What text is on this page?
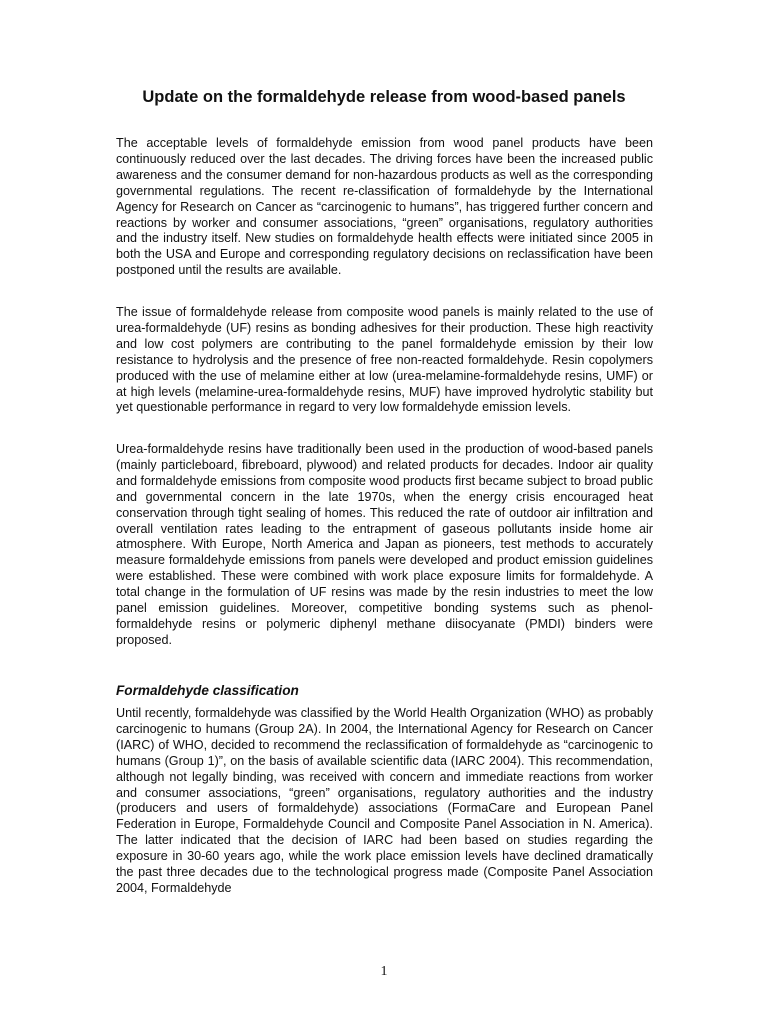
Update on the formaldehyde release from wood-based panels

The acceptable levels of formaldehyde emission from wood panel products have been continuously reduced over the last decades. The driving forces have been the increased public awareness and the consumer demand for non-hazardous products as well as the corresponding governmental regulations. The recent re-classification of formaldehyde by the International Agency for Research on Cancer as “carcinogenic to humans”, has triggered further concern and reactions by worker and consumer associations, “green” organisations, regulatory authorities and the industry itself. New studies on formaldehyde health effects were initiated since 2005 in both the USA and Europe and corresponding regulatory decisions on reclassification have been postponed until the results are available.

The issue of formaldehyde release from composite wood panels is mainly related to the use of urea-formaldehyde (UF) resins as bonding adhesives for their production. These high reactivity and low cost polymers are contributing to the panel formaldehyde emission by their low resistance to hydrolysis and the presence of free non-reacted formaldehyde. Resin copolymers produced with the use of melamine either at low (urea-melamine-formaldehyde resins, UMF) or at high levels (melamine-urea-formaldehyde resins, MUF) have improved hydrolytic stability but yet questionable performance in regard to very low formaldehyde emission levels.

Urea-formaldehyde resins have traditionally been used in the production of wood-based panels (mainly particleboard, fibreboard, plywood) and related products for decades. Indoor air quality and formaldehyde emissions from composite wood products first became subject to broad public and governmental concern in the late 1970s, when the energy crisis encouraged heat conservation through tight sealing of homes. This reduced the rate of outdoor air infiltration and overall ventilation rates leading to the entrapment of gaseous pollutants inside home air atmosphere. With Europe, North America and Japan as pioneers, test methods to accurately measure formaldehyde emissions from panels were developed and product emission guidelines were established. These were combined with work place exposure limits for formaldehyde. A total change in the formulation of UF resins was made by the resin industries to meet the low panel emission guidelines. Moreover, competitive bonding systems such as phenol-formaldehyde resins or polymeric diphenyl methane diisocyanate (PMDI) binders were proposed.

Formaldehyde classification

Until recently, formaldehyde was classified by the World Health Organization (WHO) as probably carcinogenic to humans (Group 2A). In 2004, the International Agency for Research on Cancer (IARC) of WHO, decided to recommend the reclassification of formaldehyde as “carcinogenic to humans (Group 1)”, on the basis of available scientific data (IARC 2004). This recommendation, although not legally binding, was received with concern and immediate reactions from worker and consumer associations, “green” organisations, regulatory authorities and the industry (producers and users of formaldehyde) associations (FormaCare and European Panel Federation in Europe, Formaldehyde Council and Composite Panel Association in N. America). The latter indicated that the decision of IARC had been based on studies regarding the exposure in 30-60 years ago, while the work place emission levels have declined dramatically the past three decades due to the technological progress made (Composite Panel Association 2004, Formaldehyde

1
